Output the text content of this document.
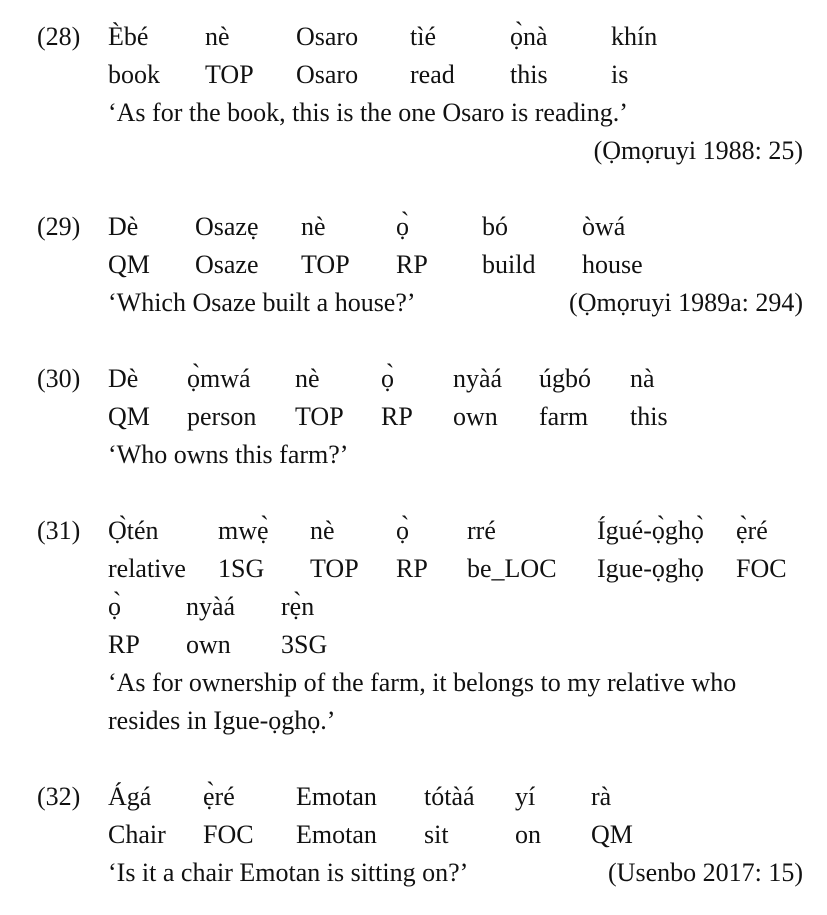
(28) Èbé nè	Osaro tìé	ọ̀nà khín
book TOP Osaro read this is
‘As for the book, this is the one Osaro is reading.’
(Ọmọruyi 1988: 25)
(29) Dè Osazẹ nè	ọ̀	bó	òwá
QM Osaze TOP RP build house
‘Which Osaze built a house?’	(Ọmọruyi 1989a: 294)
(30) Dè ọ̀mwá nè ọ̀ nyàá úgbó nà
QM person TOP RP own farm this
‘Who owns this farm?’
(31) Ọ̀tén mwẹ̀ nè ọ̀ rré	Ígué-ọ̀ghọ̀ ẹ̀ré
relative 1SG TOP RP be_LOC Igue-ọghọ FOC
ọ̀	nyàá rẹ̀n
RP own 3SG
‘As for ownership of the farm, it belongs to my relative who
resides in Igue-ọghọ.’
(32) Ágá ẹ̀ré Emotan tótàá yí rà
Chair FOC Emotan sit	on QM
‘Is it a chair Emotan is sitting on?’	(Usenbo 2017: 15)
